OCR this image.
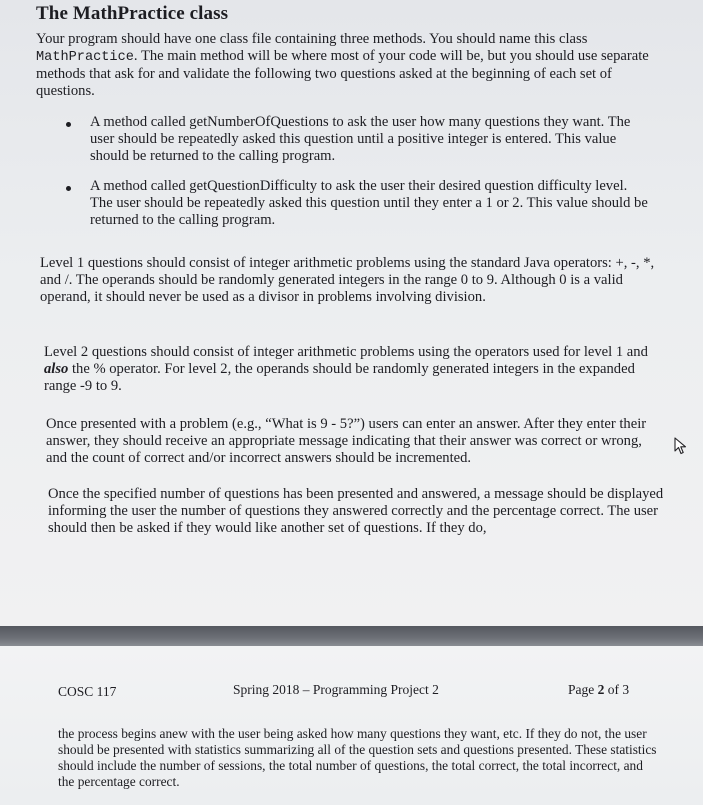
The MathPractice class
Your program should have one class file containing three methods. You should name this class MathPractice. The main method will be where most of your code will be, but you should use separate methods that ask for and validate the following two questions asked at the beginning of each set of questions.
A method called getNumberOfQuestions to ask the user how many questions they want. The user should be repeatedly asked this question until a positive integer is entered. This value should be returned to the calling program.
A method called getQuestionDifficulty to ask the user their desired question difficulty level. The user should be repeatedly asked this question until they enter a 1 or 2. This value should be returned to the calling program.
Level 1 questions should consist of integer arithmetic problems using the standard Java operators: +, -, *, and /. The operands should be randomly generated integers in the range 0 to 9. Although 0 is a valid operand, it should never be used as a divisor in problems involving division.
Level 2 questions should consist of integer arithmetic problems using the operators used for level 1 and also the % operator. For level 2, the operands should be randomly generated integers in the expanded range -9 to 9.
Once presented with a problem (e.g., “What is 9 - 5?”) users can enter an answer. After they enter their answer, they should receive an appropriate message indicating that their answer was correct or wrong, and the count of correct and/or incorrect answers should be incremented.
Once the specified number of questions has been presented and answered, a message should be displayed informing the user the number of questions they answered correctly and the percentage correct. The user should then be asked if they would like another set of questions. If they do,
COSC 117	Spring 2018 – Programming Project 2	Page 2 of 3
the process begins anew with the user being asked how many questions they want, etc. If they do not, the user should be presented with statistics summarizing all of the question sets and questions presented. These statistics should include the number of sessions, the total number of questions, the total correct, the total incorrect, and the percentage correct.
